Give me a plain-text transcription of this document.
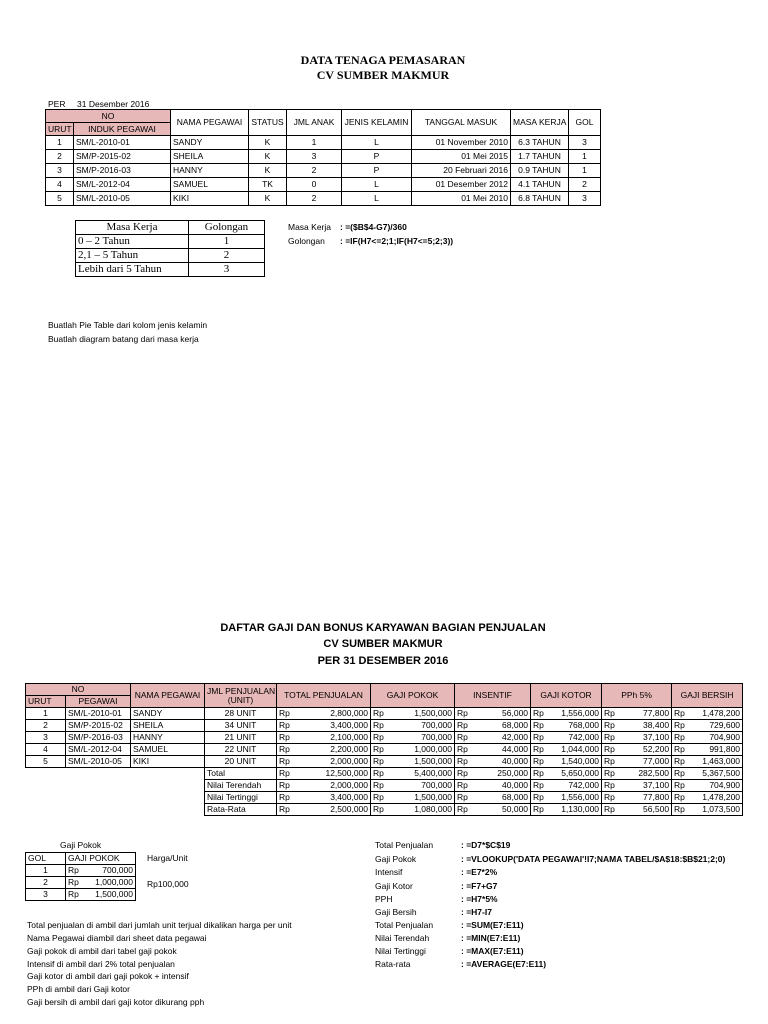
DATA TENAGA PEMASARAN
CV SUMBER MAKMUR
PER 31 Desember 2016
NO		NAMA PEGAWAI	STATUS	JML ANAK	JENIS KELAMIN	TANGGAL MASUK	MASA KERJA	GOL
URUT	INDUK PEGAWAI							
1	SM/L-2010-01	SANDY	K	1	L	01 November 2010	6.3 TAHUN	3
2	SM/P-2015-02	SHEILA	K	3	P	01 Mei 2015	1.7 TAHUN	1
3	SM/P-2016-03	HANNY	K	2	P	20 Februari 2016	0.9 TAHUN	1
4	SM/L-2012-04	SAMUEL	TK	0	L	01 Desember 2012	4.1 TAHUN	2
5	SM/L-2010-05	KIKI	K	2	L	01 Mei 2010	6.8 TAHUN	3
Masa Kerja	Golongan
0 – 2 Tahun	1
2,1 – 5 Tahun	2
Lebih dari 5 Tahun	3
Masa Kerja : =($B$4-G7)/360
Golongan : =IF(H7<=2;1;IF(H7<=5;2;3))
Buatlah Pie Table dari kolom jenis kelamin
Buatlah diagram batang dari masa kerja
DAFTAR GAJI DAN BONUS KARYAWAN BAGIAN PENJUALAN
CV SUMBER MAKMUR
PER 31 DESEMBER 2016
NO		NAMA PEGAWAI	JML PENJUALAN
(UNIT)	TOTAL PENJUALAN		GAJI POKOK		INSENTIF		GAJI KOTOR		PPh 5%		GAJI BERSIH	
URUT	PEGAWAI														
1	SM/L-2010-01	SANDY	28 UNIT	Rp	2,800,000	Rp	1,500,000	Rp	56,000	Rp	1,556,000	Rp	77,800	Rp	1,478,200
2	SM/P-2015-02	SHEILA	34 UNIT	Rp	3,400,000	Rp	700,000	Rp	68,000	Rp	768,000	Rp	38,400	Rp	729,600
3	SM/P-2016-03	HANNY	21 UNIT	Rp	2,100,000	Rp	700,000	Rp	42,000	Rp	742,000	Rp	37,100	Rp	704,900
4	SM/L-2012-04	SAMUEL	22 UNIT	Rp	2,200,000	Rp	1,000,000	Rp	44,000	Rp	1,044,000	Rp	52,200	Rp	991,800
5	SM/L-2010-05	KIKI	20 UNIT	Rp	2,000,000	Rp	1,500,000	Rp	40,000	Rp	1,540,000	Rp	77,000	Rp	1,463,000
			Total	Rp	12,500,000	Rp	5,400,000	Rp	250,000	Rp	5,650,000	Rp	282,500	Rp	5,367,500
			Nilai Terendah	Rp	2,000,000	Rp	700,000	Rp	40,000	Rp	742,000	Rp	37,100	Rp	704,900
			Nilai Tertinggi	Rp	3,400,000	Rp	1,500,000	Rp	68,000	Rp	1,556,000	Rp	77,800	Rp	1,478,200
			Rata-Rata	Rp	2,500,000	Rp	1,080,000	Rp	50,000	Rp	1,130,000	Rp	56,500	Rp	1,073,500
Gaji Pokok
GOL	GAJI POKOK	
1	Rp	700,000
2	Rp	1,000,000
3	Rp	1,500,000
Harga/Unit
Rp100,000
Total penjualan di ambil dari jumlah unit terjual dikalikan harga per unit
Nama Pegawai diambil dari sheet data pegawai
Gaji pokok di ambil dari tabel gaji pokok
Intensif di ambil dari 2% total penjualan
Gaji kotor di ambil dari gaji pokok + intensif
PPh di ambil dari Gaji kotor
Gaji bersih di ambil dari gaji kotor dikurang pph
Total Penjualan	: =D7*$C$19
Gaji Pokok	: =VLOOKUP('DATA PEGAWAI'!I7;NAMA TABEL/$A$18:$B$21;2;0)
Intensif	: =E7*2%
Gaji Kotor	: =F7+G7
PPH	: =H7*5%
Gaji Bersih	: =H7-I7
Total Penjualan	: =SUM(E7:E11)
Nilai Terendah	: =MIN(E7:E11)
Nilai Tertinggi	: =MAX(E7:E11)
Rata-rata	: =AVERAGE(E7:E11)
